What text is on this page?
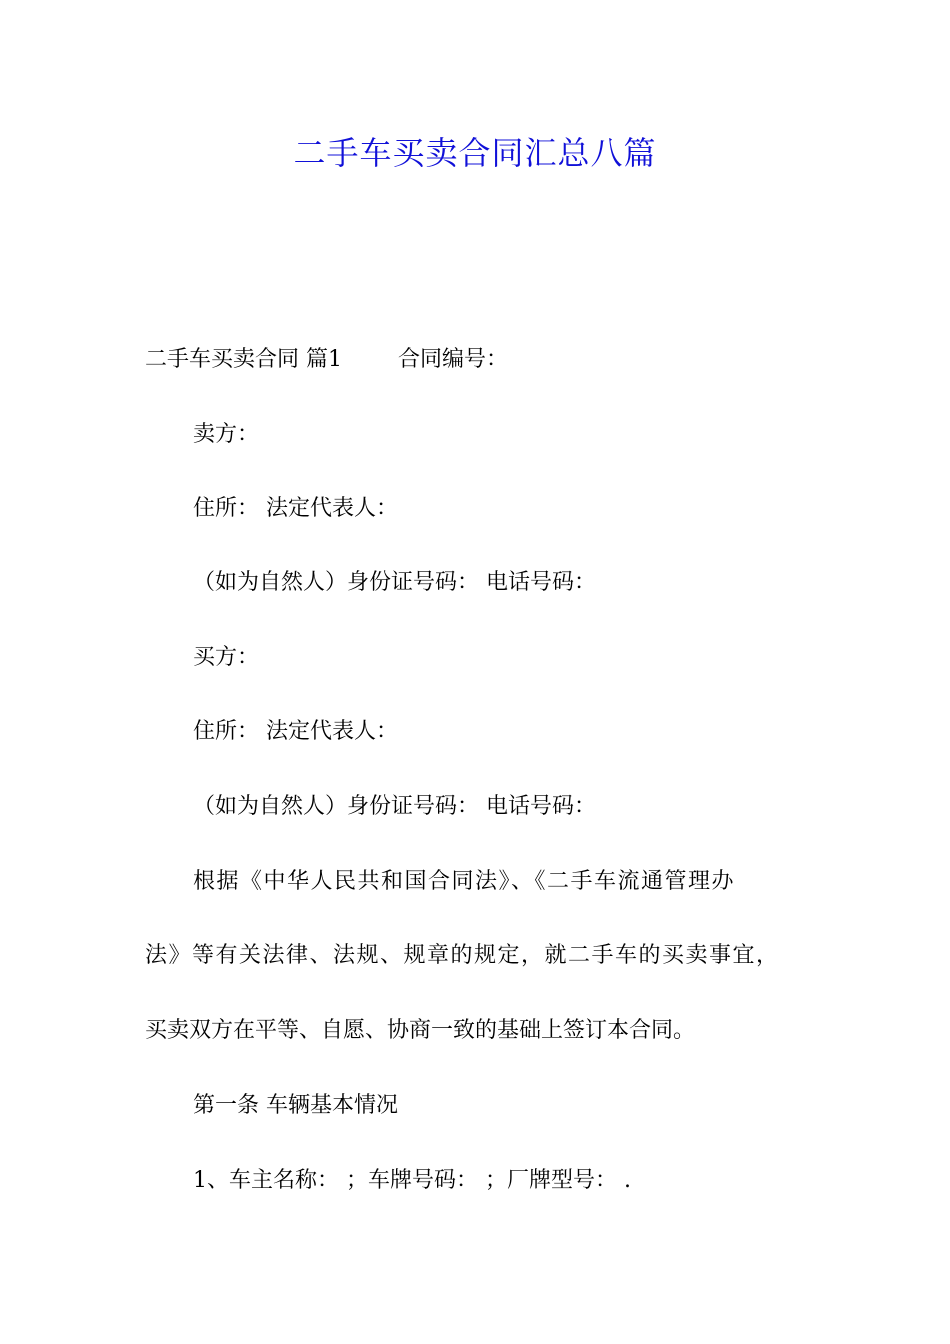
二手车买卖合同汇总八篇
二手车买卖合同 篇1	合同编号：
卖方：
住所： 法定代表人：
（如为自然人）身份证号码： 电话号码：
买方：
住所： 法定代表人：
（如为自然人）身份证号码： 电话号码：
根据《中华人民共和国合同法》、《二手车流通管理办
法》等有关法律、法规、规章的规定，就二手车的买卖事宜，
买卖双方在平等、自愿、协商一致的基础上签订本合同。
第一条 车辆基本情况
1、车主名称： ；车牌号码： ；厂牌型号： .
